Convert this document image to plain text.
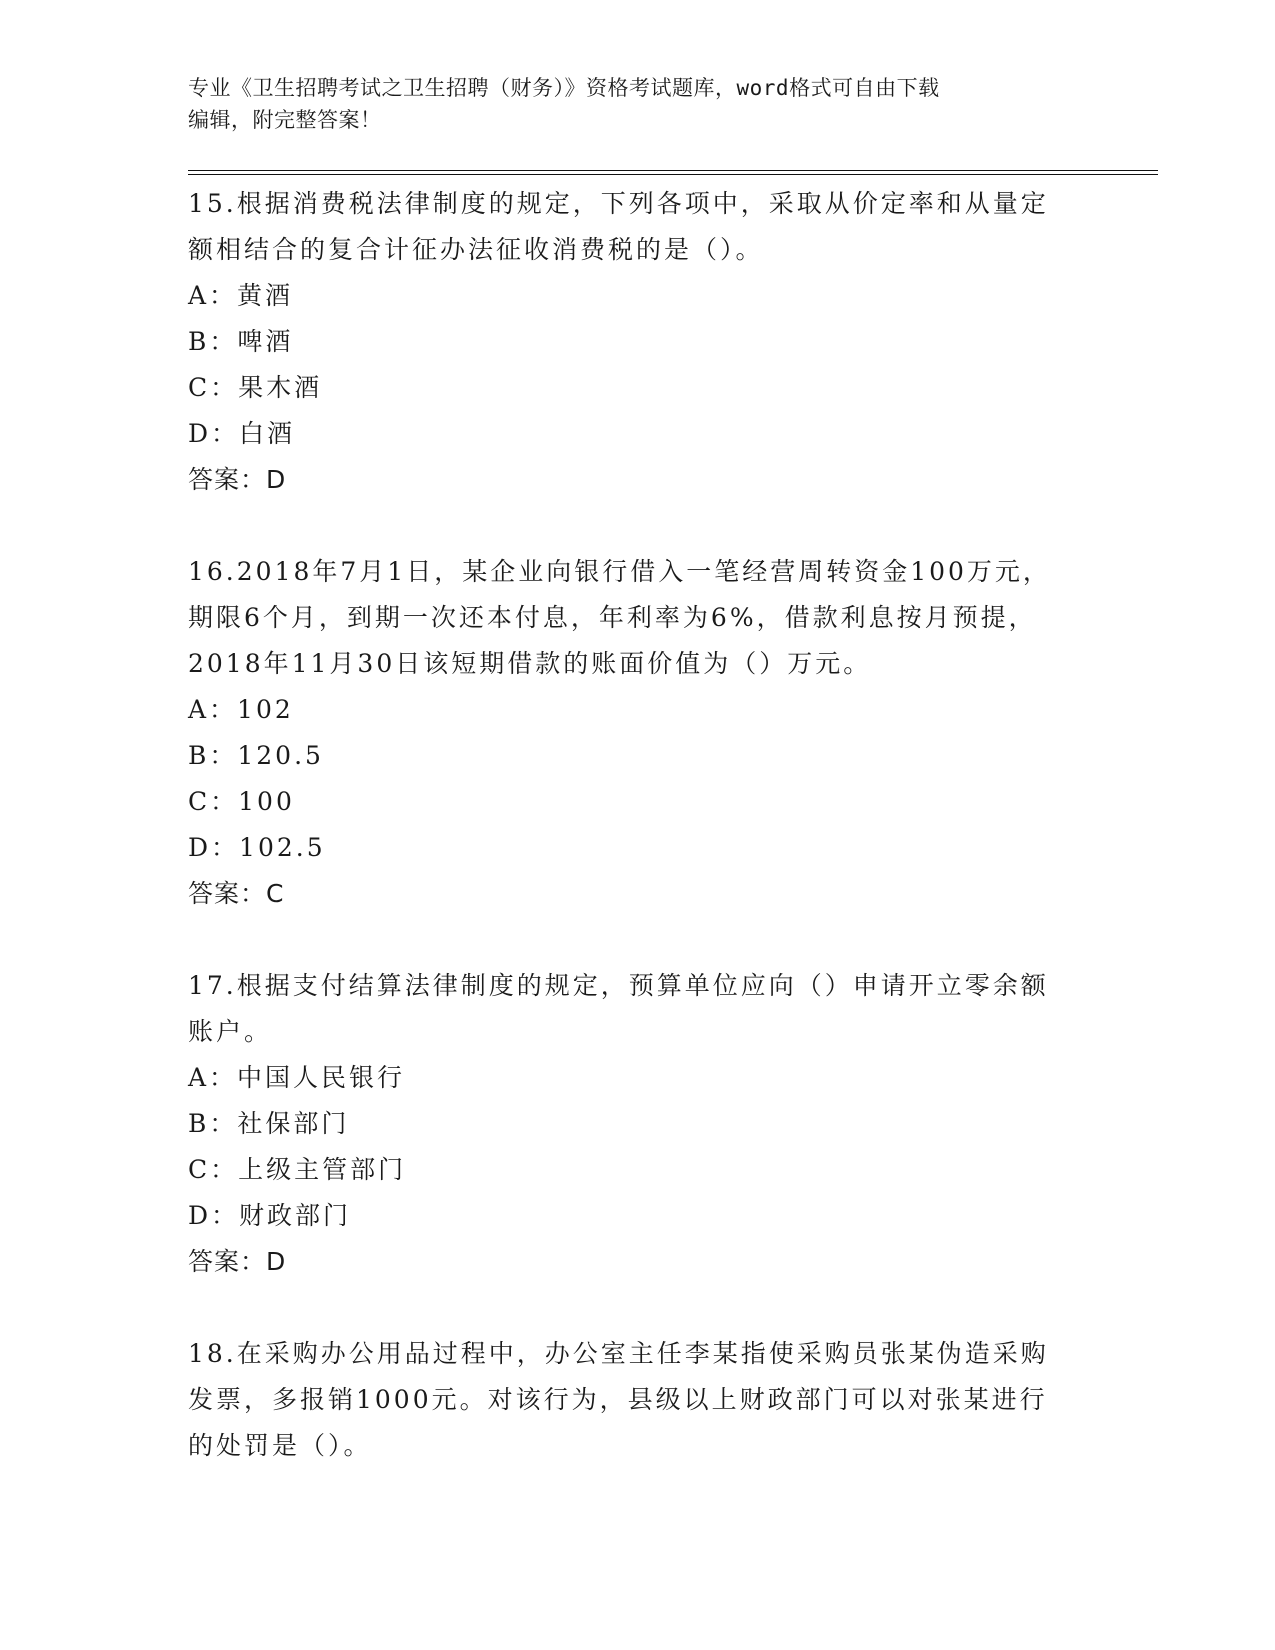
专业《卫生招聘考试之卫生招聘（财务）》资格考试题库，word格式可自由下载
编辑，附完整答案！
15.根据消费税法律制度的规定，下列各项中，采取从价定率和从量定
额相结合的复合计征办法征收消费税的是（）。
A：黄酒
B：啤酒
C：果木酒
D：白酒
答案：D
16.2018年7月1日，某企业向银行借入一笔经营周转资金100万元，
期限6个月，到期一次还本付息，年利率为6%，借款利息按月预提，
2018年11月30日该短期借款的账面价值为（）万元。
A：102
B：120.5
C：100
D：102.5
答案：C
17.根据支付结算法律制度的规定，预算单位应向（）申请开立零余额
账户。
A：中国人民银行
B：社保部门
C：上级主管部门
D：财政部门
答案：D
18.在采购办公用品过程中，办公室主任李某指使采购员张某伪造采购
发票，多报销1000元。对该行为，县级以上财政部门可以对张某进行
的处罚是（）。
